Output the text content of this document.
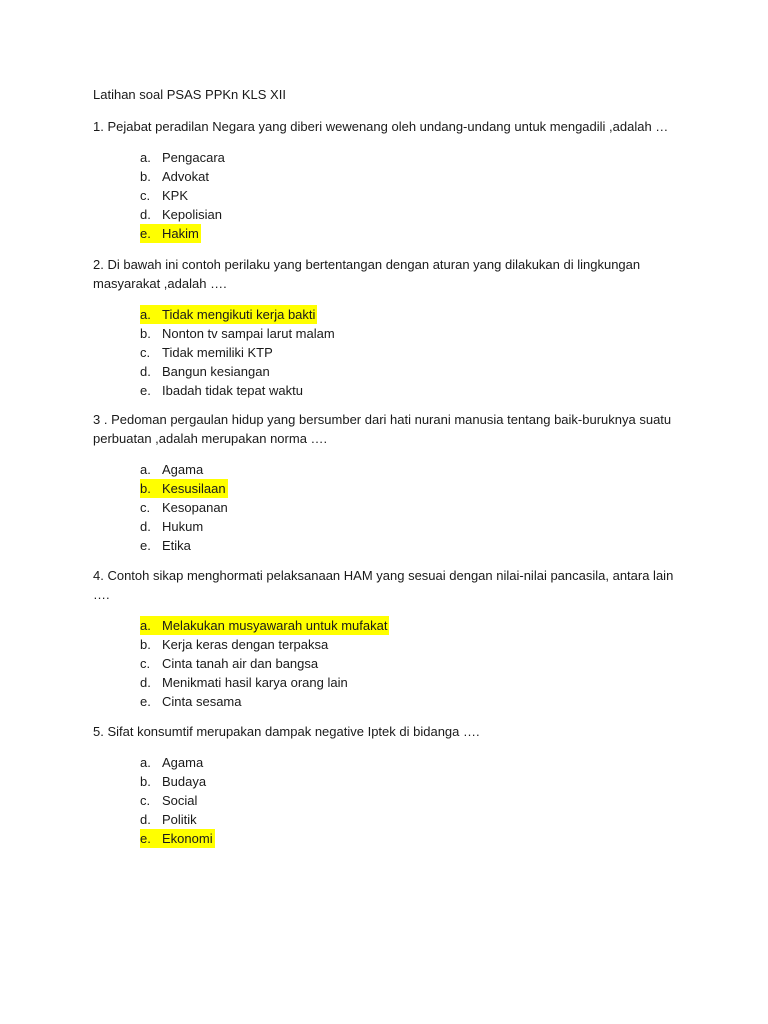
Latihan soal PSAS PPKn KLS XII
1. Pejabat peradilan Negara yang diberi wewenang oleh undang-undang untuk mengadili ,adalah …
a. Pengacara
b. Advokat
c. KPK
d. Kepolisian
e. Hakim
2. Di bawah ini contoh perilaku yang bertentangan dengan aturan yang dilakukan di lingkungan masyarakat ,adalah ….
a. Tidak mengikuti kerja bakti
b. Nonton tv sampai larut malam
c. Tidak memiliki KTP
d. Bangun kesiangan
e. Ibadah tidak tepat waktu
3 . Pedoman pergaulan hidup yang bersumber dari hati nurani manusia tentang baik-buruknya suatu perbuatan ,adalah merupakan norma ….
a. Agama
b. Kesusilaan
c. Kesopanan
d. Hukum
e. Etika
4. Contoh sikap menghormati pelaksanaan HAM yang sesuai dengan nilai-nilai pancasila, antara lain ….
a. Melakukan musyawarah untuk mufakat
b. Kerja keras dengan terpaksa
c. Cinta tanah air dan bangsa
d. Menikmati hasil karya orang lain
e. Cinta sesama
5. Sifat konsumtif merupakan dampak negative Iptek di bidanga ….
a. Agama
b. Budaya
c. Social
d. Politik
e. Ekonomi
